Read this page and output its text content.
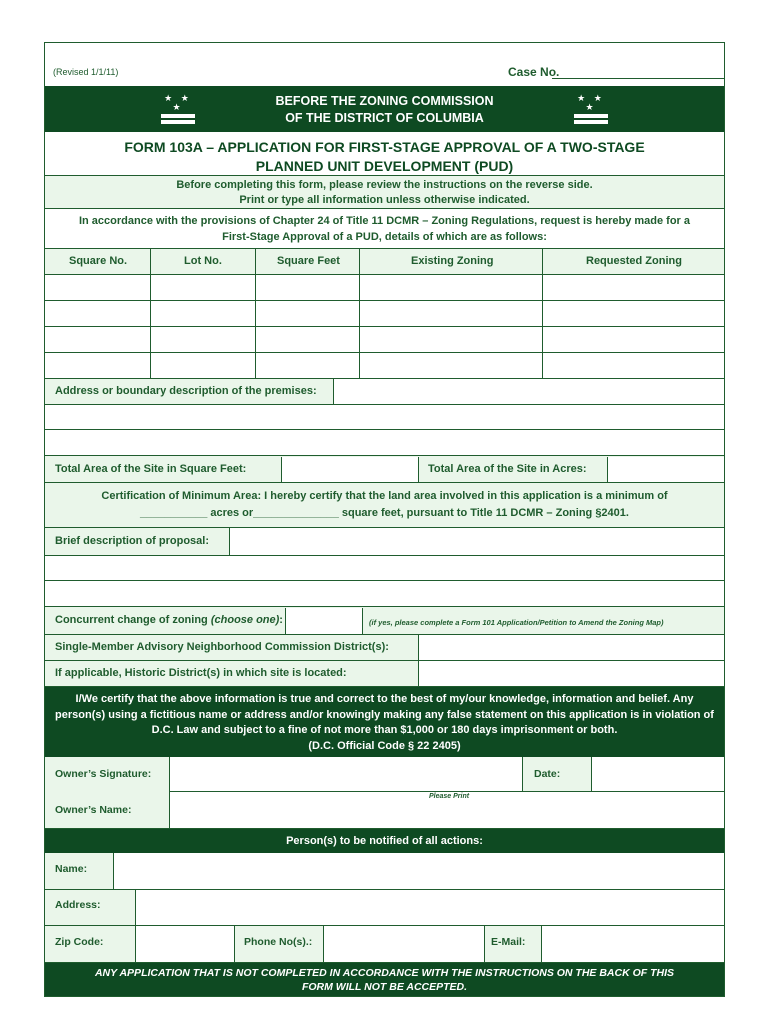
(Revised 1/1/11)	Case No.
★ ★ ★	BEFORE THE ZONING COMMISSION
OF THE DISTRICT OF COLUMBIA
★ ★ ★
FORM 103A – APPLICATION FOR FIRST-STAGE APPROVAL OF A TWO-STAGE
PLANNED UNIT DEVELOPMENT (PUD)
Before completing this form, please review the instructions on the reverse side.
Print or type all information unless otherwise indicated.
In accordance with the provisions of Chapter 24 of Title 11 DCMR – Zoning Regulations, request is hereby made for a
First-Stage Approval of a PUD, details of which are as follows:
Square No.	Lot No.	Square Feet	Existing Zoning	Requested Zoning
Address or boundary description of the premises:
Total Area of the Site in Square Feet:	Total Area of the Site in Acres:
Certification of Minimum Area: I hereby certify that the land area involved in this application is a minimum of
___________ acres or______________ square feet, pursuant to Title 11 DCMR – Zoning §2401.
Brief description of proposal:
Concurrent change of zoning (choose one):	(if yes, please complete a Form 101 Application/Petition to Amend the Zoning Map)
Single-Member Advisory Neighborhood Commission District(s):
If applicable, Historic District(s) in which site is located:
I/We certify that the above information is true and correct to the best of my/our knowledge, information and belief. Any
person(s) using a fictitious name or address and/or knowingly making any false statement on this application is in violation of
D.C. Law and subject to a fine of not more than $1,000 or 180 days imprisonment or both.
(D.C. Official Code § 22 2405)
Owner’s Signature:	Date:
Please Print
Owner’s Name:
Person(s) to be notified of all actions:
Name:
Address:
Zip Code:	Phone No(s).:	E-Mail:
ANY APPLICATION THAT IS NOT COMPLETED IN ACCORDANCE WITH THE INSTRUCTIONS ON THE BACK OF THIS
FORM WILL NOT BE ACCEPTED.
